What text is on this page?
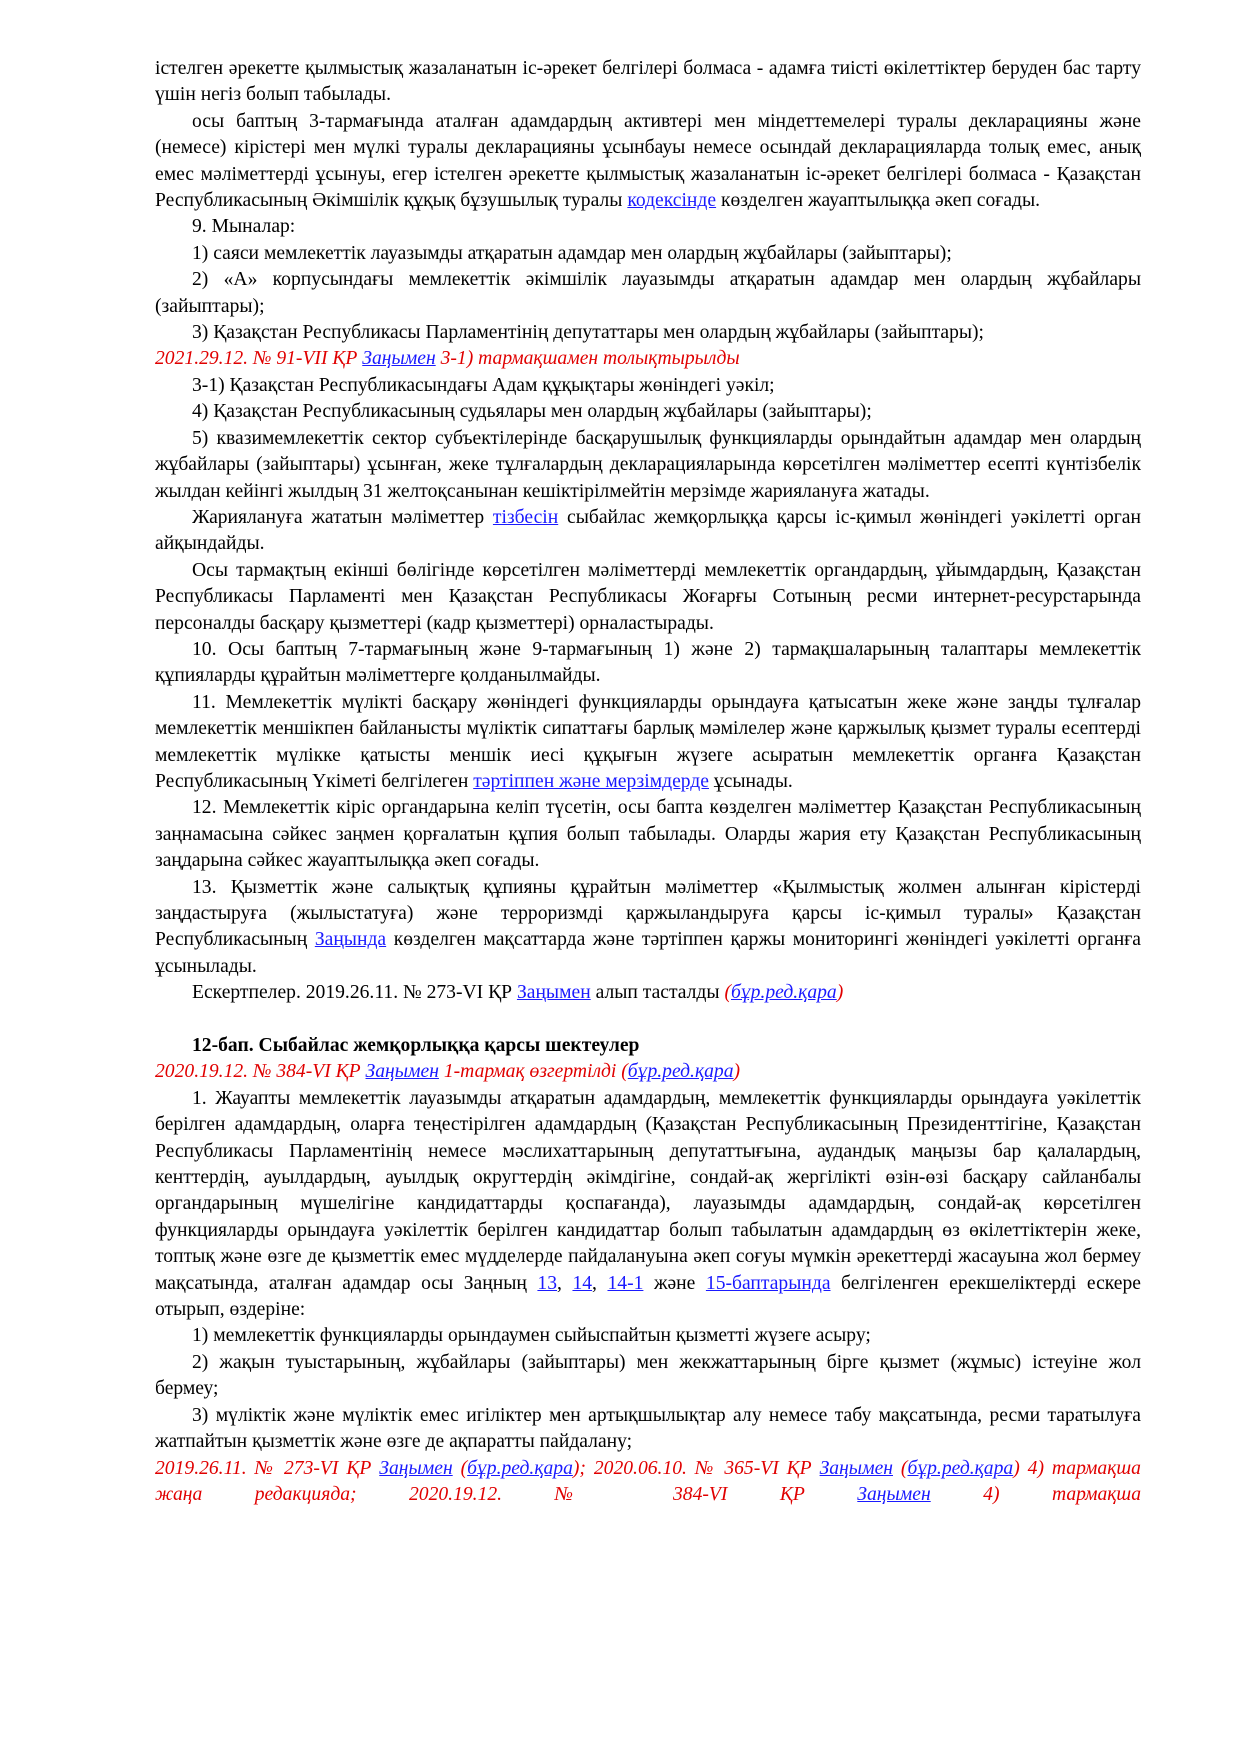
істелген әрекетте қылмыстық жазаланатын іс-әрекет белгілері болмаса - адамға тиісті өкілеттіктер беруден бас тарту үшін негіз болып табылады.

осы баптың 3-тармағында аталған адамдардың активтері мен міндеттемелері туралы декларацияны және (немесе) кірістері мен мүлкі туралы декларацияны ұсынбауы немесе осындай декларацияларда толық емес, анық емес мәліметтерді ұсынуы, егер істелген әрекетте қылмыстық жазаланатын іс-әрекет белгілері болмаса - Қазақстан Республикасының Әкімшілік құқық бұзушылық туралы кодексінде көзделген жауаптылыққа әкеп соғады.

9. Мыналар:

1) саяси мемлекеттік лауазымды атқаратын адамдар мен олардың жұбайлары (зайыптары);

2) «А» корпусындағы мемлекеттік әкімшілік лауазымды атқаратын адамдар мен олардың жұбайлары (зайыптары);

3) Қазақстан Республикасы Парламентінің депутаттары мен олардың жұбайлары (зайыптары);

2021.29.12. № 91-VII ҚР Заңымен 3-1) тармақшамен толықтырылды

3-1) Қазақстан Республикасындағы Адам құқықтары жөніндегі уәкіл;

4) Қазақстан Республикасының судьялары мен олардың жұбайлары (зайыптары);

5) квазимемлекеттік сектор субъектілерінде басқарушылық функцияларды орындайтын адамдар мен олардың жұбайлары (зайыптары) ұсынған, жеке тұлғалардың декларацияларында көрсетілген мәліметтер есепті күнтізбелік жылдан кейінгі жылдың 31 желтоқсанынан кешіктірілмейтін мерзімде жариялануға жатады.

Жариялануға жататын мәліметтер тізбесін сыбайлас жемқорлыққа қарсы іс-қимыл жөніндегі уәкілетті орган айқындайды.

Осы тармақтың екінші бөлігінде көрсетілген мәліметтерді мемлекеттік органдардың, ұйымдардың, Қазақстан Республикасы Парламенті мен Қазақстан Республикасы Жоғарғы Сотының ресми интернет-ресурстарында персоналды басқару қызметтері (кадр қызметтері) орналастырады.

10. Осы баптың 7-тармағының және 9-тармағының 1) және 2) тармақшаларының талаптары мемлекеттік құпияларды құрайтын мәліметтерге қолданылмайды.

11. Мемлекеттік мүлікті басқару жөніндегі функцияларды орындауға қатысатын жеке және заңды тұлғалар мемлекеттік меншікпен байланысты мүліктік сипаттағы барлық мәмілелер және қаржылық қызмет туралы есептерді мемлекеттік мүлікке қатысты меншік иесі құқығын жүзеге асыратын мемлекеттік органға Қазақстан Республикасының Үкіметі белгілеген тәртіппен және мерзімдерде ұсынады.

12. Мемлекеттік кіріс органдарына келіп түсетін, осы бапта көзделген мәліметтер Қазақстан Республикасының заңнамасына сәйкес заңмен қорғалатын құпия болып табылады. Оларды жария ету Қазақстан Республикасының заңдарына сәйкес жауаптылыққа әкеп соғады.

13. Қызметтік және салықтық құпияны құрайтын мәліметтер «Қылмыстық жолмен алынған кірістерді заңдастыруға (жылыстатуға) және терроризмді қаржыландыруға қарсы іс-қимыл туралы» Қазақстан Республикасының Заңында көзделген мақсаттарда және тәртіппен қаржы мониторингі жөніндегі уәкілетті органға ұсынылады.

Ескертпелер. 2019.26.11. № 273-VI ҚР Заңымен алып тасталды (бұр.ред.қара)

12-бап. Сыбайлас жемқорлыққа қарсы шектеулер

2020.19.12. № 384-VI ҚР Заңымен 1-тармақ өзгертілді (бұр.ред.қара)

1. Жауапты мемлекеттік лауазымды атқаратын адамдардың, мемлекеттік функцияларды орындауға уәкілеттік берілген адамдардың, оларға теңестірілген адамдардың (Қазақстан Республикасының Президенттігіне, Қазақстан Республикасы Парламентінің немесе мәслихаттарының депутаттығына, аудандық маңызы бар қалалардың, кенттердің, ауылдардың, ауылдық округтердің әкімдігіне, сондай-ақ жергілікті өзін-өзі басқару сайланбалы органдарының мүшелігіне кандидаттарды қоспағанда), лауазымды адамдардың, сондай-ақ көрсетілген функцияларды орындауға уәкілеттік берілген кандидаттар болып табылатын адамдардың өз өкілеттіктерін жеке, топтық және өзге де қызметтік емес мүдделерде пайдалануына әкеп соғуы мүмкін әрекеттерді жасауына жол бермеу мақсатында, аталған адамдар осы Заңның 13, 14, 14-1 және 15-баптарында белгіленген ерекшеліктерді ескере отырып, өздеріне:

1) мемлекеттік функцияларды орындаумен сыйыспайтын қызметті жүзеге асыру;

2) жақын туыстарының, жұбайлары (зайыптары) мен жекжаттарының бірге қызмет (жұмыс) істеуіне жол бермеу;

3) мүліктік және мүліктік емес игіліктер мен артықшылықтар алу немесе табу мақсатында, ресми таратылуға жатпайтын қызметтік және өзге де ақпаратты пайдалану;

2019.26.11. № 273-VI ҚР Заңымен (бұр.ред.қара); 2020.06.10. № 365-VI ҚР Заңымен (бұр.ред.қара) 4) тармақша жаңа редакцияда; 2020.19.12. № 384-VI ҚР Заңымен 4) тармақша
